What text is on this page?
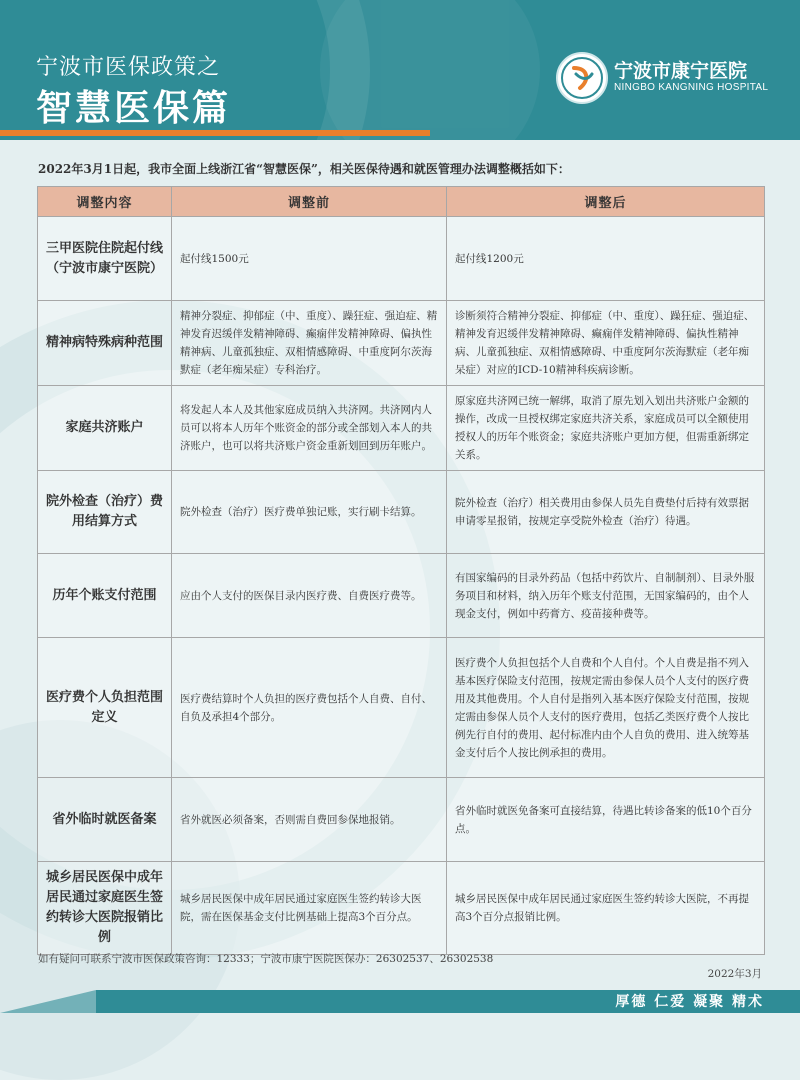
宁波市医保政策之
智慧医保篇
宁波市康宁医院
NINGBO KANGNING HOSPITAL
2022年3月1日起，我市全面上线浙江省“智慧医保”，相关医保待遇和就医管理办法调整概括如下：
调整内容	调整前	调整后
三甲医院住院起付线（宁波市康宁医院）	起付线1500元	起付线1200元
精神病特殊病种范围	精神分裂症、抑郁症（中、重度）、躁狂症、强迫症、精神发育迟缓伴发精神障碍、癫痫伴发精神障碍、偏执性精神病、儿童孤独症、双相情感障碍、中重度阿尔茨海默症（老年痴呆症）专科治疗。	诊断须符合精神分裂症、抑郁症（中、重度）、躁狂症、强迫症、精神发育迟缓伴发精神障碍、癫痫伴发精神障碍、偏执性精神病、儿童孤独症、双相情感障碍、中重度阿尔茨海默症（老年痴呆症）对应的ICD-10精神科疾病诊断。
家庭共济账户	将发起人本人及其他家庭成员纳入共济网。共济网内人员可以将本人历年个账资金的部分或全部划入本人的共济账户，也可以将共济账户资金重新划回到历年账户。	原家庭共济网已统一解绑，取消了原先划入划出共济账户金额的操作，改成一旦授权绑定家庭共济关系，家庭成员可以全额使用授权人的历年个账资金；家庭共济账户更加方便，但需重新绑定关系。
院外检查（治疗）费用结算方式	院外检查（治疗）医疗费单独记账，实行刷卡结算。	院外检查（治疗）相关费用由参保人员先自费垫付后持有效票据申请零星报销，按规定享受院外检查（治疗）待遇。
历年个账支付范围	应由个人支付的医保目录内医疗费、自费医疗费等。	有国家编码的目录外药品（包括中药饮片、自制制剂）、目录外服务项目和材料，纳入历年个账支付范围，无国家编码的，由个人现金支付，例如中药膏方、疫苗接种费等。
医疗费个人负担范围定义	医疗费结算时个人负担的医疗费包括个人自费、自付、自负及承担4个部分。	医疗费个人负担包括个人自费和个人自付。个人自费是指不列入基本医疗保险支付范围，按规定需由参保人员个人支付的医疗费用及其他费用。个人自付是指列入基本医疗保险支付范围，按规定需由参保人员个人支付的医疗费用，包括乙类医疗费个人按比例先行自付的费用、起付标准内由个人自负的费用、进入统筹基金支付后个人按比例承担的费用。
省外临时就医备案	省外就医必须备案，否则需自费回参保地报销。	省外临时就医免备案可直接结算，待遇比转诊备案的低10个百分点。
城乡居民医保中成年居民通过家庭医生签约转诊大医院报销比例	城乡居民医保中成年居民通过家庭医生签约转诊大医院，需在医保基金支付比例基础上提高3个百分点。	城乡居民医保中成年居民通过家庭医生签约转诊大医院，不再提高3个百分点报销比例。
如有疑问可联系宁波市医保政策咨询：12333；宁波市康宁医院医保办：26302537、26302538
2022年3月
厚德 仁爱 凝聚 精术
